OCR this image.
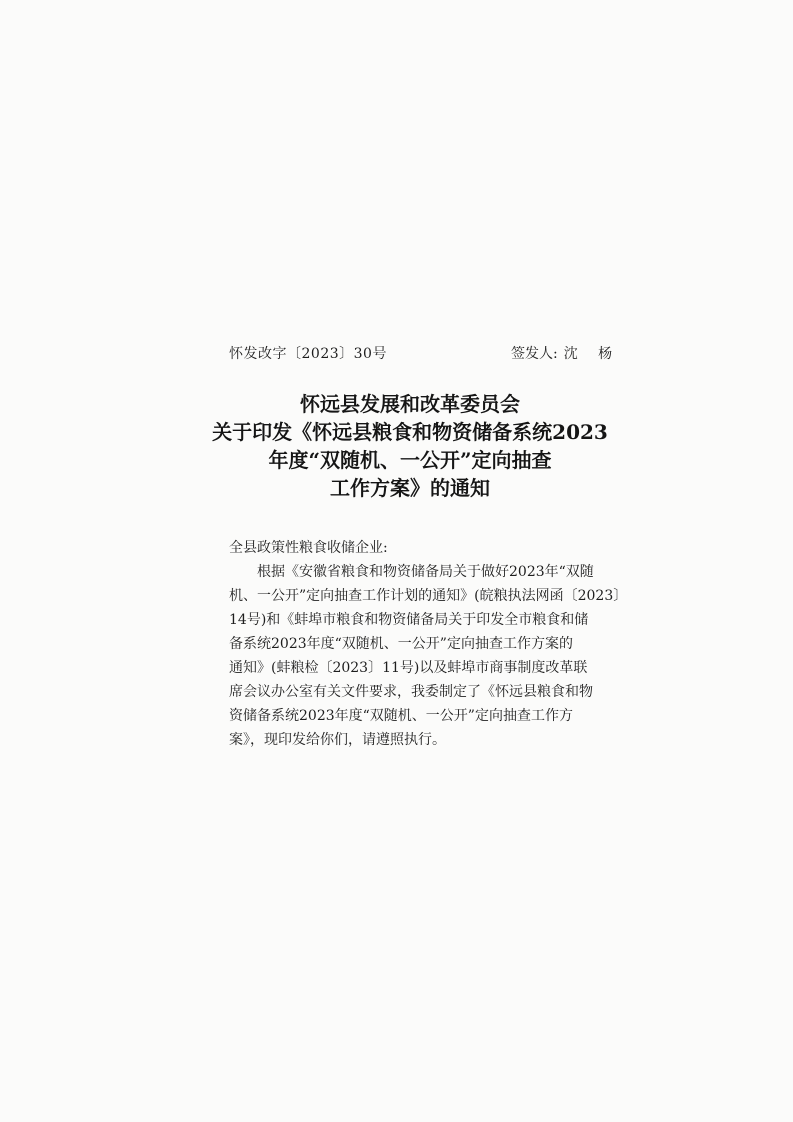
怀发改字〔2023〕30号	签发人: 沈 杨
怀远县发展和改革委员会
关于印发《怀远县粮食和物资储备系统2023
年度“双随机、一公开”定向抽查
工作方案》的通知
全县政策性粮食收储企业:
根据《安徽省粮食和物资储备局关于做好2023年“双随
机、一公开”定向抽查工作计划的通知》(皖粮执法网函〔2023〕
14号)和《蚌埠市粮食和物资储备局关于印发全市粮食和储
备系统2023年度“双随机、一公开”定向抽查工作方案的
通知》(蚌粮检〔2023〕11号)以及蚌埠市商事制度改革联
席会议办公室有关文件要求，我委制定了《怀远县粮食和物
资储备系统2023年度“双随机、一公开”定向抽查工作方
案》，现印发给你们，请遵照执行。
